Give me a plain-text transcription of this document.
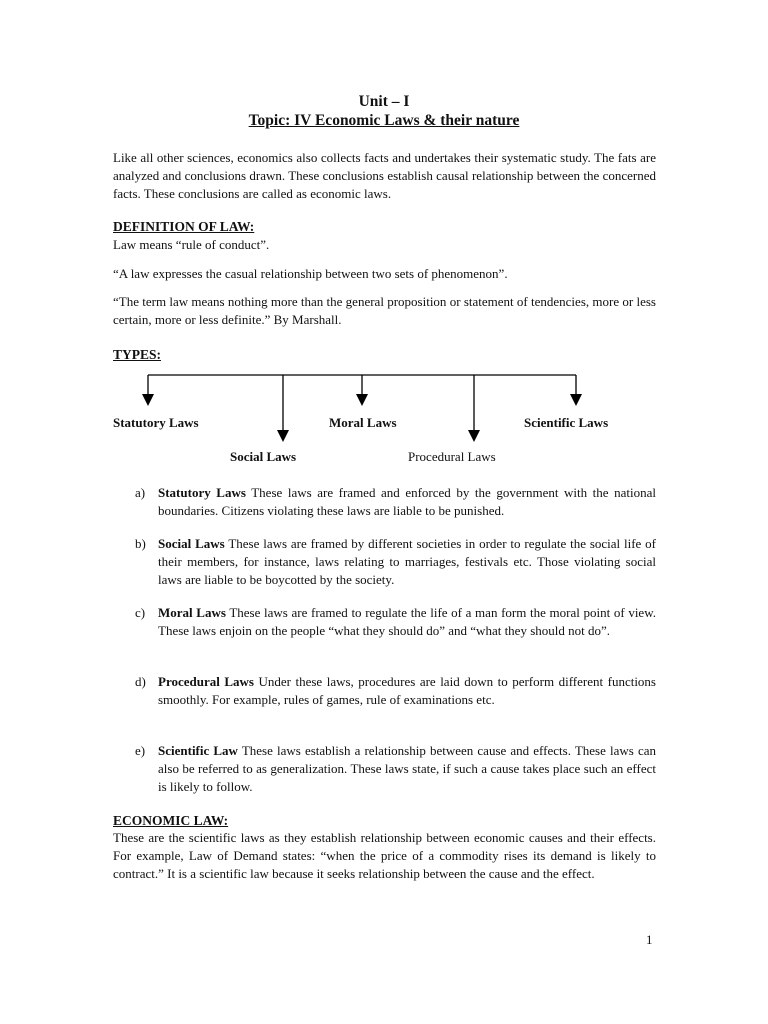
Unit – I
Topic: IV Economic Laws & their nature

Like all other sciences, economics also collects facts and undertakes their systematic study. The fats are analyzed and conclusions drawn. These conclusions establish causal relationship between the concerned facts. These conclusions are called as economic laws.

DEFINITION OF LAW:

Law means “rule of conduct”.

“A law expresses the casual relationship between two sets of phenomenon”.

“The term law means nothing more than the general proposition or statement of tendencies, more or less certain, more or less definite.” By Marshall.

TYPES:

Statutory Laws	Moral Laws	Scientific Laws
Social Laws	Procedural Laws
a) Statutory Laws These laws are framed and enforced by the government with the national boundaries. Citizens violating these laws are liable to be punished.
b) Social Laws These laws are framed by different societies in order to regulate the social life of their members, for instance, laws relating to marriages, festivals etc. Those violating social laws are liable to be boycotted by the society.
c) Moral Laws These laws are framed to regulate the life of a man form the moral point of view. These laws enjoin on the people “what they should do” and “what they should not do”.
d) Procedural Laws Under these laws, procedures are laid down to perform different functions smoothly. For example, rules of games, rule of examinations etc.
e) Scientific Law These laws establish a relationship between cause and effects. These laws can also be referred to as generalization. These laws state, if such a cause takes place such an effect is likely to follow.

ECONOMIC LAW:

These are the scientific laws as they establish relationship between economic causes and their effects. For example, Law of Demand states: “when the price of a commodity rises its demand is likely to contract.” It is a scientific law because it seeks relationship between the cause and the effect.

1
